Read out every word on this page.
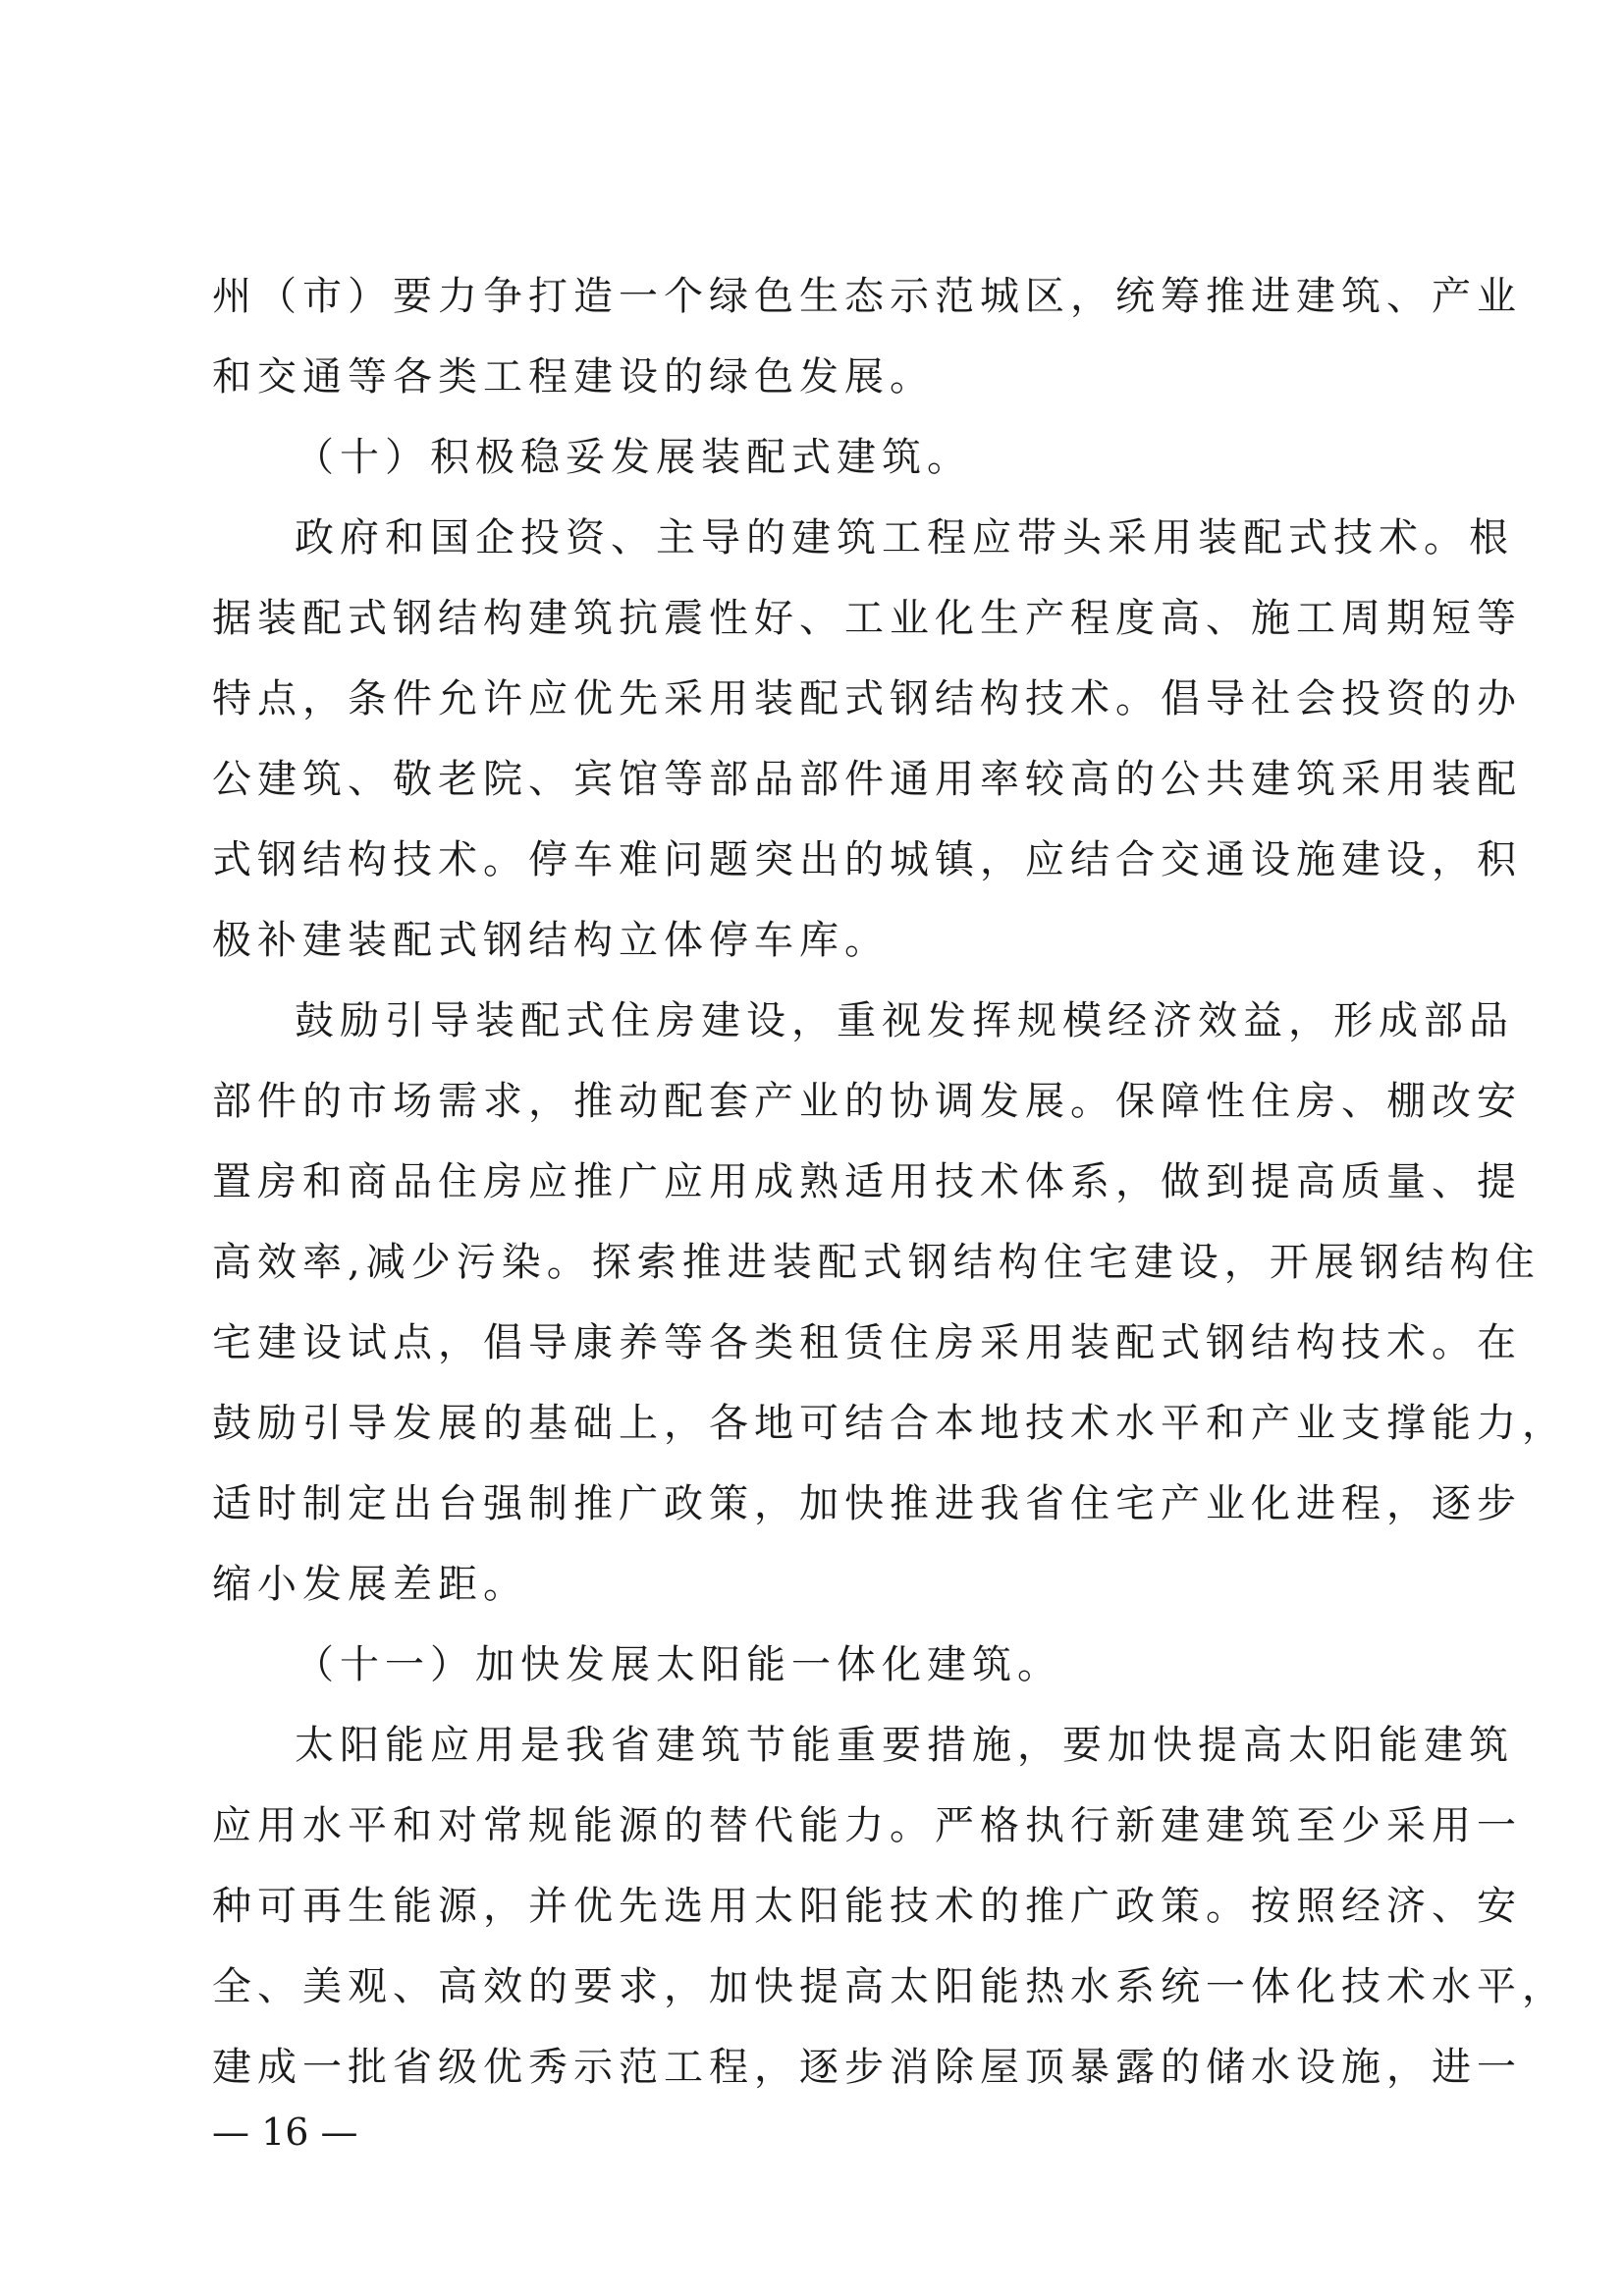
州（市）要力争打造一个绿色生态示范城区，统筹推进建筑、产业
和交通等各类工程建设的绿色发展。
（十）积极稳妥发展装配式建筑。
政府和国企投资、主导的建筑工程应带头采用装配式技术。根
据装配式钢结构建筑抗震性好、工业化生产程度高、施工周期短等
特点，条件允许应优先采用装配式钢结构技术。倡导社会投资的办
公建筑、敬老院、宾馆等部品部件通用率较高的公共建筑采用装配
式钢结构技术。停车难问题突出的城镇，应结合交通设施建设，积
极补建装配式钢结构立体停车库。
鼓励引导装配式住房建设，重视发挥规模经济效益，形成部品
部件的市场需求，推动配套产业的协调发展。保障性住房、棚改安
置房和商品住房应推广应用成熟适用技术体系，做到提高质量、提
高效率,减少污染。探索推进装配式钢结构住宅建设，开展钢结构住
宅建设试点，倡导康养等各类租赁住房采用装配式钢结构技术。在
鼓励引导发展的基础上，各地可结合本地技术水平和产业支撑能力，
适时制定出台强制推广政策，加快推进我省住宅产业化进程，逐步
缩小发展差距。
（十一）加快发展太阳能一体化建筑。
太阳能应用是我省建筑节能重要措施，要加快提高太阳能建筑
应用水平和对常规能源的替代能力。严格执行新建建筑至少采用一
种可再生能源，并优先选用太阳能技术的推广政策。按照经济、安
全、美观、高效的要求，加快提高太阳能热水系统一体化技术水平，
建成一批省级优秀示范工程，逐步消除屋顶暴露的储水设施，进一
— 16 —
